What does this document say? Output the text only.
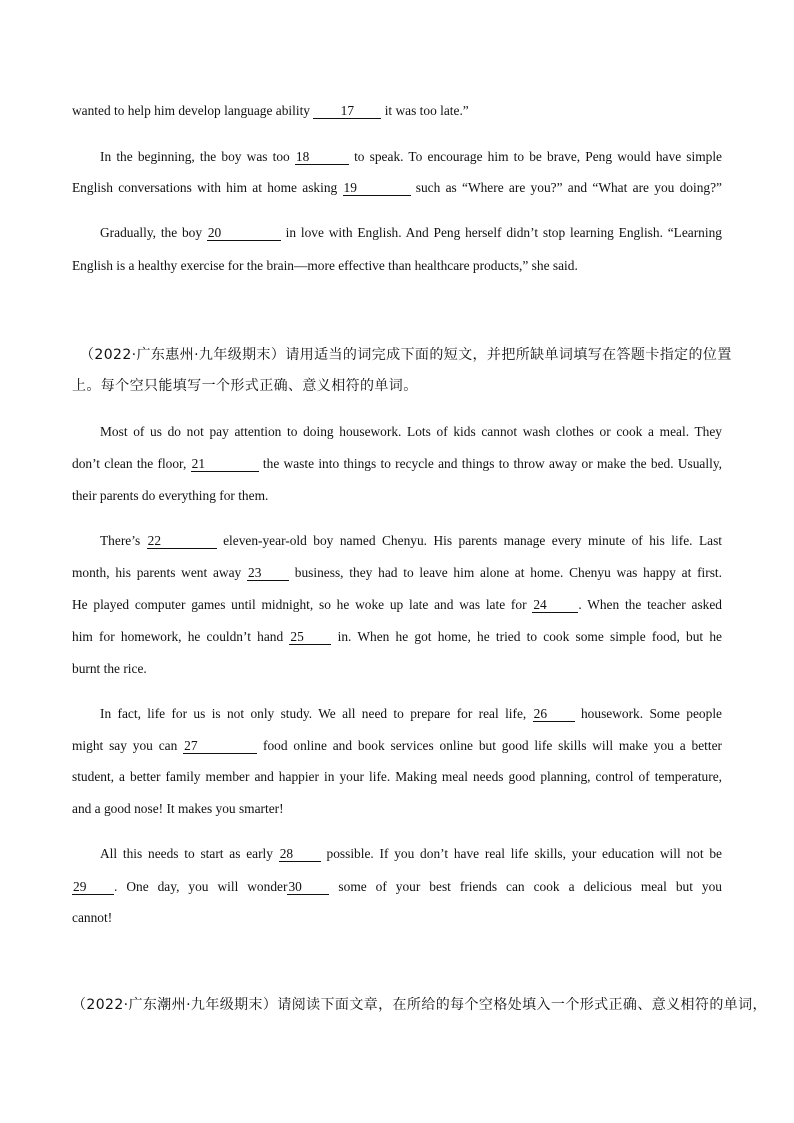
wanted to help him develop language ability 17 it was too late.”
In the beginning, the boy was too 18	to speak. To encourage him to be brave, Peng would have simple
English conversations with him at home asking 19	such as “Where are you?” and “What are you doing?”
Gradually, the boy 20	in love with English. And Peng herself didn’t stop learning English. “Learning
English is a healthy exercise for the brain—more effective than healthcare products,” she said.
（2022·广东惠州·九年级期末）请用适当的词完成下面的短文，并把所缺单词填写在答题卡指定的位置
上。每个空只能填写一个形式正确、意义相符的单词。
Most of us do not pay attention to doing housework. Lots of kids cannot wash clothes or cook a meal. They
don’t clean the floor, 21	the waste into things to recycle and things to throw away or make the bed. Usually,
their parents do everything for them.
There’s 22	eleven-year-old boy named Chenyu. His parents manage every minute of his life. Last
month, his parents went away 23 business, they had to leave him alone at home. Chenyu was happy at first.
He played computer games until midnight, so he woke up late and was late for 24 . When the teacher asked
him for homework, he couldn’t hand 25 in. When he got home, he tried to cook some simple food, but he
burnt the rice.
In fact, life for us is not only study. We all need to prepare for real life, 26 housework. Some people
might say you can 27	food online and book services online but good life skills will make you a better
student, a better family member and happier in your life. Making meal needs good planning, control of temperature,
and a good nose! It makes you smarter!
All this needs to start as early 28 possible. If you don’t have real life skills, your education will not be
29 . One day, you will wonder30 some of your best friends can cook a delicious meal but you
cannot!
（2022·广东潮州·九年级期末）请阅读下面文章，在所给的每个空格处填入一个形式正确、意义相符的单词，
